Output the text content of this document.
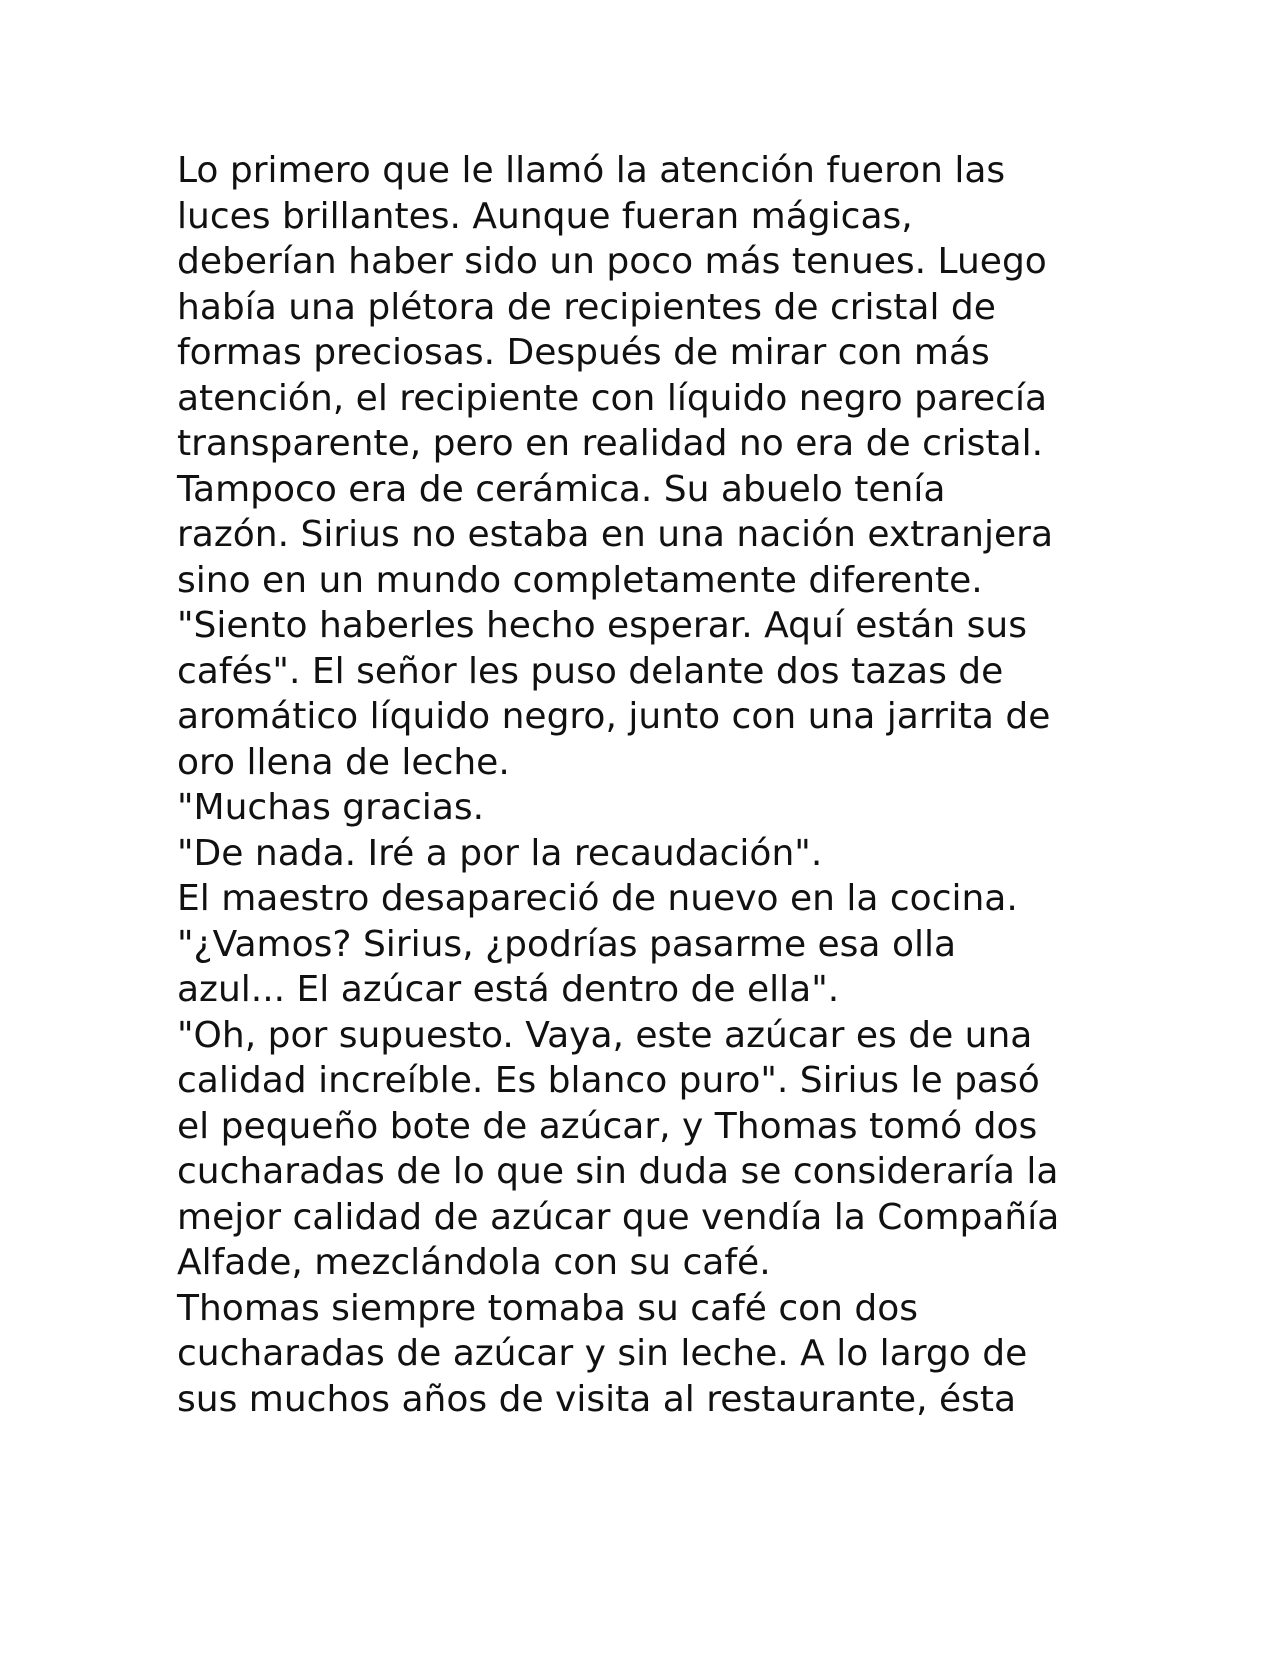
Lo primero que le llamó la atención fueron las
luces brillantes. Aunque fueran mágicas,
deberían haber sido un poco más tenues. Luego
había una plétora de recipientes de cristal de
formas preciosas. Después de mirar con más
atención, el recipiente con líquido negro parecía
transparente, pero en realidad no era de cristal.
Tampoco era de cerámica. Su abuelo tenía
razón. Sirius no estaba en una nación extranjera
sino en un mundo completamente diferente.
"Siento haberles hecho esperar. Aquí están sus
cafés". El señor les puso delante dos tazas de
aromático líquido negro, junto con una jarrita de
oro llena de leche.
"Muchas gracias.
"De nada. Iré a por la recaudación".
El maestro desapareció de nuevo en la cocina.
"¿Vamos? Sirius, ¿podrías pasarme esa olla
azul... El azúcar está dentro de ella".
"Oh, por supuesto. Vaya, este azúcar es de una
calidad increíble. Es blanco puro". Sirius le pasó
el pequeño bote de azúcar, y Thomas tomó dos
cucharadas de lo que sin duda se consideraría la
mejor calidad de azúcar que vendía la Compañía
Alfade, mezclándola con su café.
Thomas siempre tomaba su café con dos
cucharadas de azúcar y sin leche. A lo largo de
sus muchos años de visita al restaurante, ésta
